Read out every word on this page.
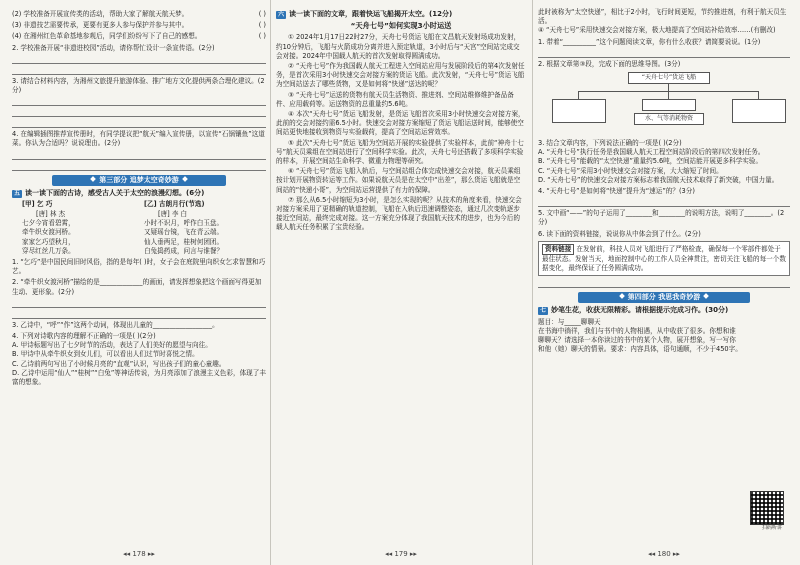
( )
(2) 学校准备开展宣传类的活动，帮助大家了解航天航天梦。
( )
(3) 非遗技艺需要传承，更要有更多人参与保护并参与其中。
( )
(4) 在湘州红色革命基地参观后，同学们纷纷写下了自己的感想。
2. 学校准备开展“非遗进校园”活动，请你帮忙设计一条宣传语。(2分)
3. 请结合材料内容，为湘州文旅提升旅游体验、推广地方文化提供两条合理化建议。(2分)
4. 在编辑插图推荐宣传册时，有同学提议把“航天”编入宣传册，以宣传“石锅镶鱼”这道菜。你认为合适吗？说说理由。(2分)
第三部分 追梦太空奇妙游
五 读一读下面的古诗，感受古人关于太空的浪漫幻想。(6分)
[甲] 乞 巧
[唐] 林 杰
七夕今宵看碧霄，
牵牛织女渡河桥。
家家乞巧望秋月，
穿尽红丝几万条。
[乙] 古朗月行(节选)
[唐] 李 白
小时不识月，呼作白玉盘。
又疑瑶台镜，飞在青云端。
仙人垂两足，桂树何团团。
白兔捣药成，问言与谁餐？
1. “乞巧”是中国民间旧时风俗，指的是每年( )时，女子会在庭院里向织女乞求智慧和巧艺。
2. “牵牛织女渡河桥”描绘的是_____________的画面，请发挥想象把这个画面写得更加生动、更形象。(2分)
3. 乙诗中，“呼”“作”这两个动词，体现出儿童的__________________。
4. 下列对诗歌内容的理解不正确的一项是( )(2分)
A. 甲诗标题写出了七夕时节的活动，表达了人们美好的愿望与向往。
B. 甲诗中从牵牛织女到女儿们，可以看出人们过节时喜悦之情。
C. 乙诗前两句写出了小时候月亮的“直观”认识，写出孩子们的童心童趣。
D. 乙诗中运用“仙人”“桂树”“白兔”等神话传说，为月亮添加了浪漫主义色彩，体现了丰富的想象。
◂◂ 178 ▸▸
六 读一读下面的文章，跟着快运飞船揭开太空。(12分)
“天舟七号”如何实现3小时运送

① 2024年1月17日22时27分，天舟七号货运飞船在文昌航天发射场成功发射，约10分钟后，飞船与火箭成功分离并进入预定轨道，3小时后与“天宫”空间站完成交会对接。2024年中国载人航天的首次发射取得圆满成功。

② “天舟七号”作为我国载人航天工程进入空间站应用与发展阶段后的第4次发射任务，是首次采用3小时快速交会对接方案的货运飞船。此次发射，“天舟七号”货运飞船为空间站送去了哪些货物，又是如何将“快递”送达的呢？

③ “天舟七号”运送的货物有航天员生活物资、推进剂、空间站维修维护备品备件、应用载荷等。运送物资的总重量约5.6吨。

④ 本次“天舟七号”货运飞船发射，是货运飞船首次采用3小时快速交会对接方案，此前的交会对接约需6.5小时。快速交会对接方案缩短了货运飞船运送时间，能够使空间站更快地接收到物资与实验载荷，提高了空间站运营效率。

⑤ 此次“天舟七号”货运飞船为空间站开展的实验提供了实验样本，此前“神舟十七号”航天员乘组在空间站进行了空间科学实验。此次，天舟七号还搭载了多项科学实验的样本，开展空间站生命科学、微重力物理等研究。

⑥ “天舟七号”货运飞船入轨后，与空间站组合体完成快速交会对接，航天员乘组按计划开展物资转运等工作。如果说航天员是在太空中“出差”，那么货运飞船就是空间站的“快递小哥”，为空间站运营提供了有力的保障。

⑦ 那么从6.5小时缩短为3小时，是怎么实现的呢？从技术的角度来看，快速交会对接方案采用了更精确的轨道控制，飞船在入轨后迅速调整姿态，通过几次变轨逐步接近空间站，最终完成对接。这一方案充分体现了我国航天技术的进步，也为今后的载人航天任务积累了宝贵经验。

◂◂ 179 ▸▸
此时被称为“太空快递”，相比于2小时，飞行时间更短，节约推进剂，有利于航天员生活。
④ “天舟七号”采用快速交会对接方案，极大地提高了空间站补给效率……(有删改)
1. 带着“__________”这个问题阅读文章，你有什么收获？请简要说说。(1分)
2. 根据文章第③段，完成下面的思维导图。(3分)
“天舟七号”货运飞船
水、气等消耗物资
3. 结合文章内容，下列说法正确的一项是( )(2分)
A. “天舟七号”执行任务是我国载人航天工程空间站阶段后的第四次发射任务。
B. “天舟七号”能载的“太空快递”重量约5.6吨，空间站能开展更多科学实验。
C. “天舟七号”采用3小时快速交会对接方案，大大缩短了时间。
D. “天舟七号”的快速交会对接方案标志着我国航天技术取得了新突破，中国力量。
4. “天舟七号”是如何将“快递”提升为“速运”的？(3分)
5. 文中画“——”的句子运用了________和________的说明方法，说明了________。(2分)
6. 读下面的资料链接，说说你从中体会到了什么。(2分)
资料链接 在发射前，科技人员对飞船进行了严格检查，确保每一个零部件都处于最佳状态。发射当天，地面控制中心的工作人员全神贯注，密切关注飞船的每一个数据变化，最终保证了任务圆满成功。
第四部分 我思我奇妙游
七 妙笔生花，收获无限精彩。请根据提示完成习作。(30分)
题目：与_____聊聊天
在书海中徜徉，我们与书中的人物相遇，从中收获了很多。你想和谁聊聊天？请选择一本你读过的书中的某个人物，展开想象，写一写你和他（她）聊天的情景。要求：内容具体，语句通顺，不少于450字。
扫码听讲
◂◂ 180 ▸▸
